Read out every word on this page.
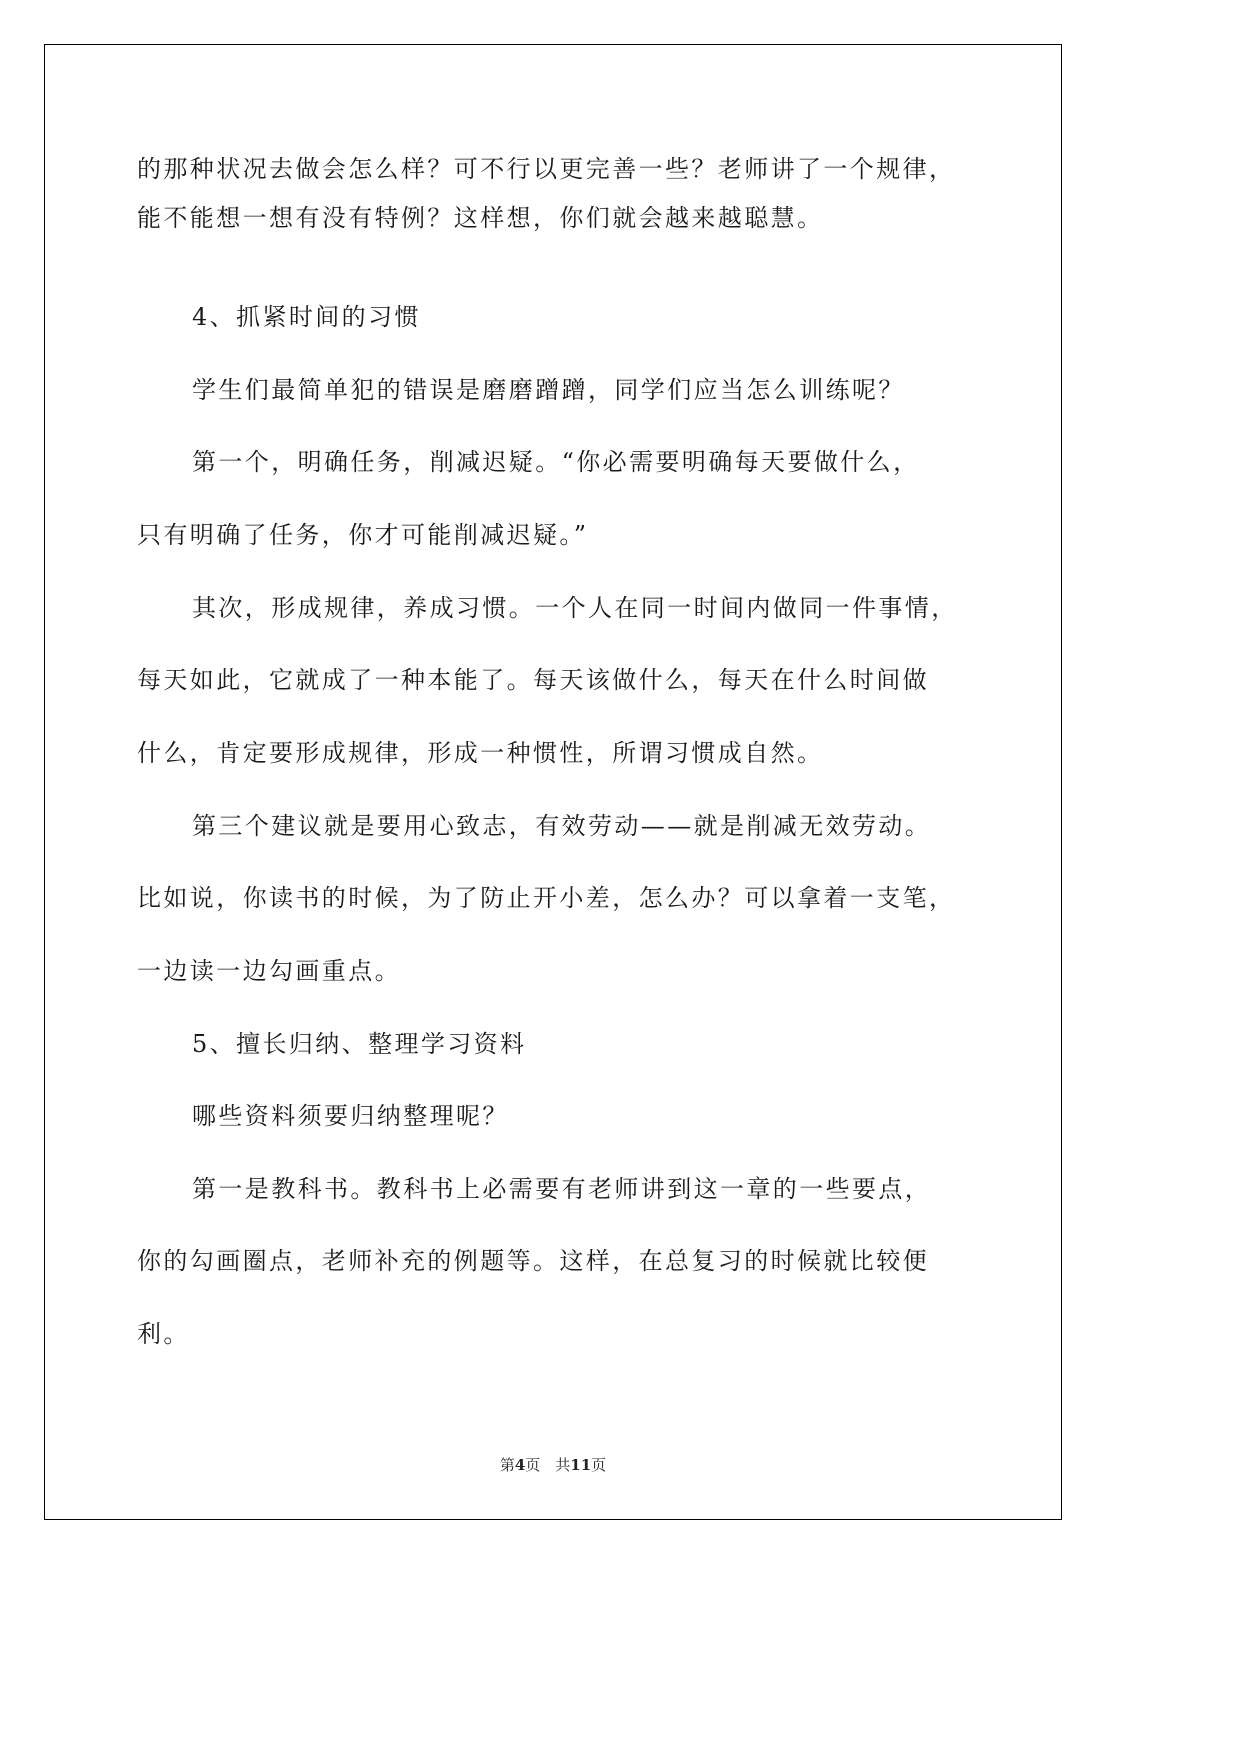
的那种状况去做会怎么样？可不行以更完善一些？老师讲了一个规律，
能不能想一想有没有特例？这样想，你们就会越来越聪慧。
4、抓紧时间的习惯
学生们最简单犯的错误是磨磨蹭蹭，同学们应当怎么训练呢？
第一个，明确任务，削减迟疑。“你必需要明确每天要做什么，
只有明确了任务，你才可能削减迟疑。”
其次，形成规律，养成习惯。一个人在同一时间内做同一件事情，
每天如此，它就成了一种本能了。每天该做什么，每天在什么时间做
什么，肯定要形成规律，形成一种惯性，所谓习惯成自然。
第三个建议就是要用心致志，有效劳动——就是削减无效劳动。
比如说，你读书的时候，为了防止开小差，怎么办？可以拿着一支笔，
一边读一边勾画重点。
5、擅长归纳、整理学习资料
哪些资料须要归纳整理呢？
第一是教科书。教科书上必需要有老师讲到这一章的一些要点，
你的勾画圈点，老师补充的例题等。这样，在总复习的时候就比较便
利。
第4页　共11页
